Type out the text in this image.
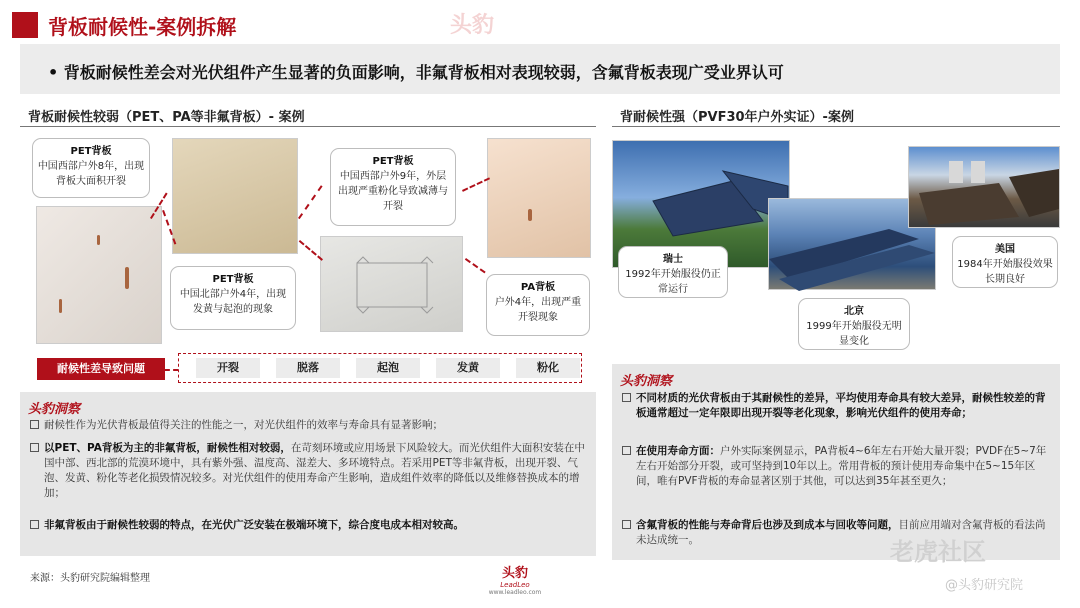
背板耐候性-案例拆解	头豹
• 背板耐候性差会对光伏组件产生显著的负面影响，非氟背板相对表现较弱，含氟背板表现广受业界认可
背板耐候性较弱（PET、PA等非氟背板）- 案例	背耐候性强（PVF30年户外实证）-案例
PET背板
中国西部户外8年，出现背板大面积开裂
PET背板
中国北部户外4年，出现发黄与起泡的现象
PET背板
中国西部户外9年，外层出现严重粉化导致减薄与开裂
PA背板
户外4年，出现严重开裂现象
耐候性差导致问题	开裂	脱落	起泡	发黄	粉化
头豹洞察
耐候性作为光伏背板最值得关注的性能之一，对光伏组件的效率与寿命具有显著影响；
以PET、PA背板为主的非氟背板，耐候性相对较弱，在苛刻环境或应用场景下风险较大。而光伏组件大面积安装在中国中部、西北部的荒漠环境中，具有紫外强、温度高、湿差大、多环境特点。若采用PET等非氟背板，出现开裂、气泡、发黄、粉化等老化损毁情况较多。对光伏组件的使用寿命产生影响，造成组件效率的降低以及维修替换成本的增加；
非氟背板由于耐候性较弱的特点，在光伏广泛安装在极端环境下，综合度电成本相对较高。
瑞士
1992年开始服役仍正常运行
北京
1999年开始服役无明显变化
美国
1984年开始服役效果长期良好
头豹洞察
不同材质的光伏背板由于其耐候性的差异，平均使用寿命具有较大差异，耐候性较差的背板通常超过一定年限即出现开裂等老化现象，影响光伏组件的使用寿命；
在使用寿命方面：户外实际案例显示，PA背板4~6年左右开始大量开裂；PVDF在5~7年左右开始部分开裂，或可坚持到10年以上。常用背板的预计使用寿命集中在5~15年区间，唯有PVF背板的寿命显著区别于其他，可以达到35年甚至更久；
含氟背板的性能与寿命背后也涉及到成本与回收等问题，目前应用端对含氟背板的看法尚未达成统一。
来源：头豹研究院编辑整理	头豹
LeadLeo
www.leadleo.com
老虎社区
@头豹研究院
